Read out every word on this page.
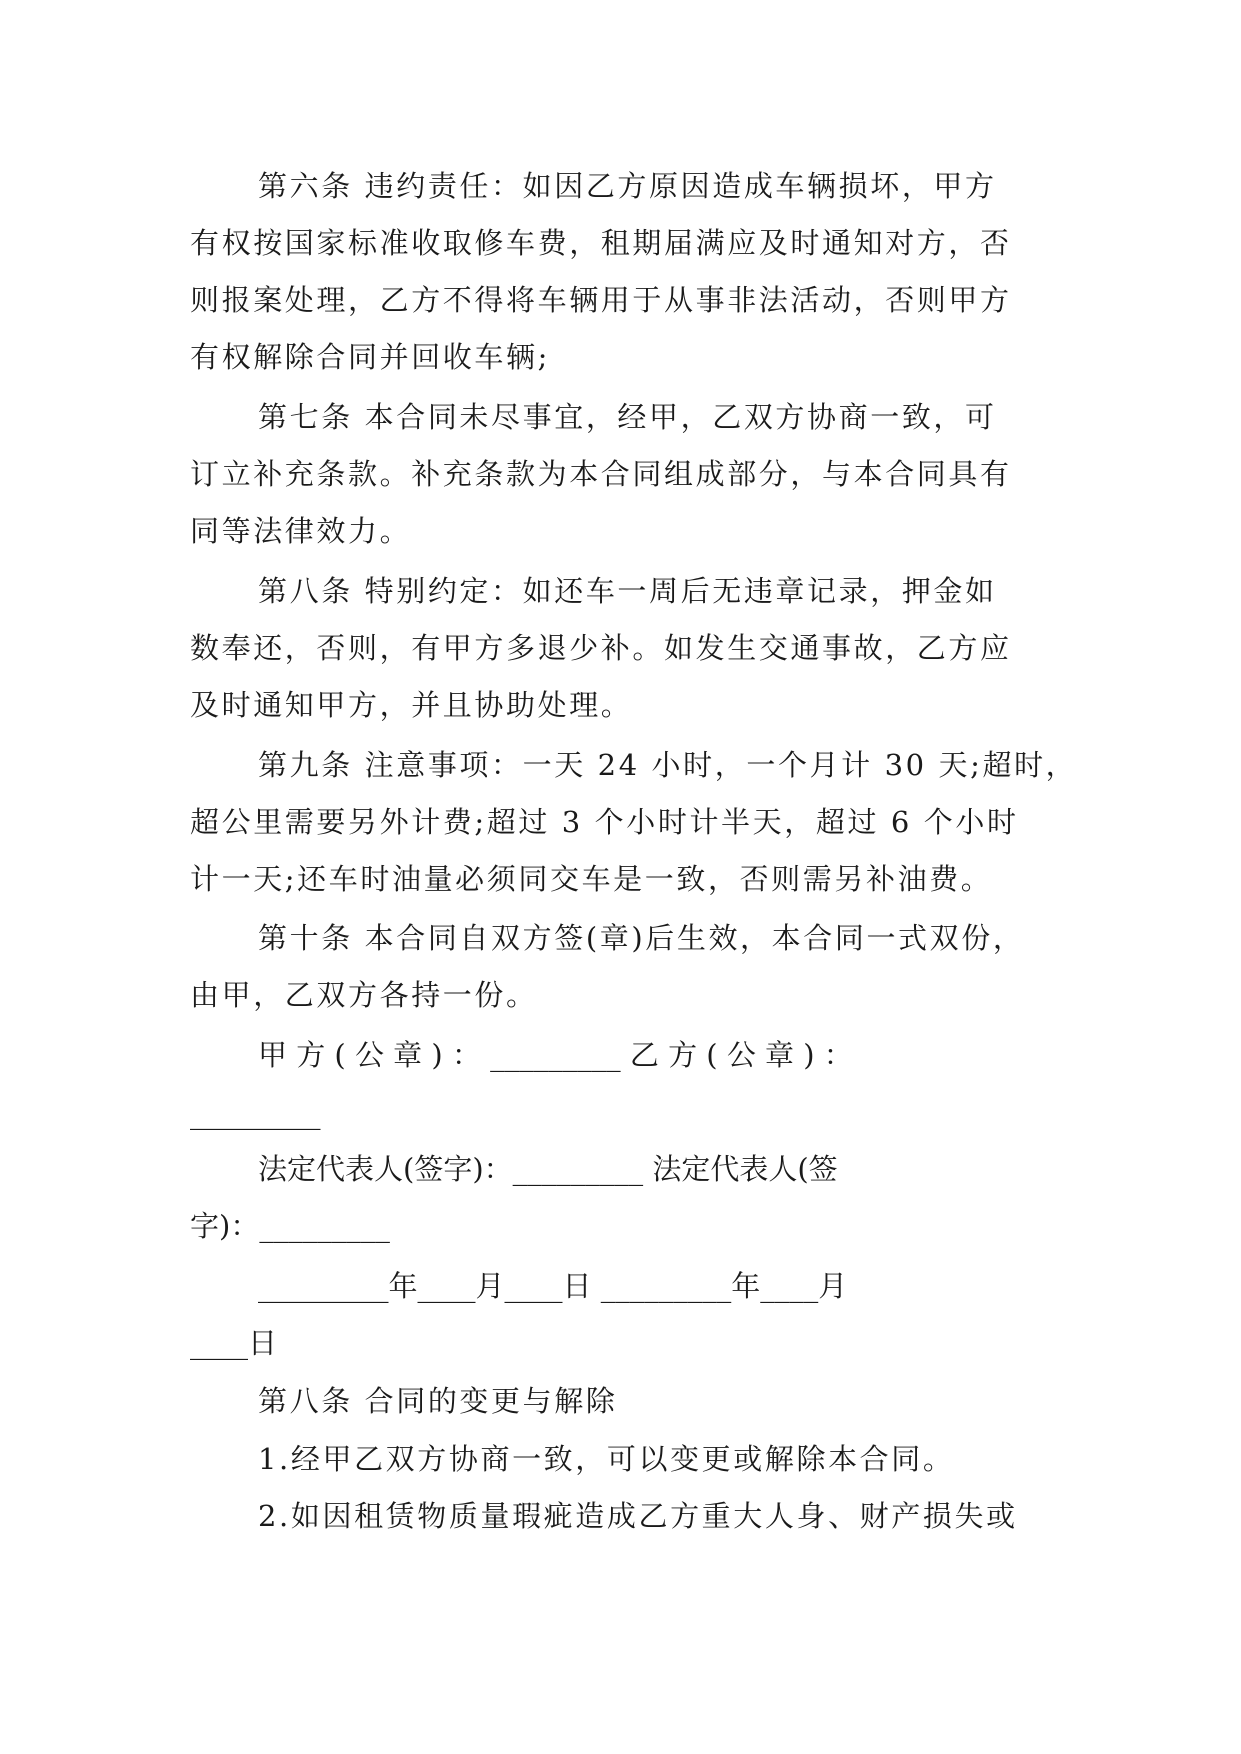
第六条 违约责任：如因乙方原因造成车辆损坏，甲方
有权按国家标准收取修车费，租期届满应及时通知对方，否
则报案处理，乙方不得将车辆用于从事非法活动，否则甲方
有权解除合同并回收车辆;
第七条 本合同未尽事宜，经甲，乙双方协商一致，可
订立补充条款。补充条款为本合同组成部分，与本合同具有
同等法律效力。
第八条 特别约定：如还车一周后无违章记录，押金如
数奉还，否则，有甲方多退少补。如发生交通事故，乙方应
及时通知甲方，并且协助处理。
第九条 注意事项：一天 24 小时，一个月计 30 天;超时，
超公里需要另外计费;超过 3 个小时计半天，超过 6 个小时
计一天;还车时油量必须同交车是一致，否则需另补油费。
第十条 本合同自双方签(章)后生效，本合同一式双份，
由甲，乙双方各持一份。
甲 方 ( 公 章 ) ： _________ 乙 方 ( 公 章 ) ：
_________
法定代表人(签字)：_________ 法定代表人(签
字)：_________
_________年____月____日 _________年____月
____日
第八条 合同的变更与解除
1.经甲乙双方协商一致，可以变更或解除本合同。
2.如因租赁物质量瑕疵造成乙方重大人身、财产损失或
